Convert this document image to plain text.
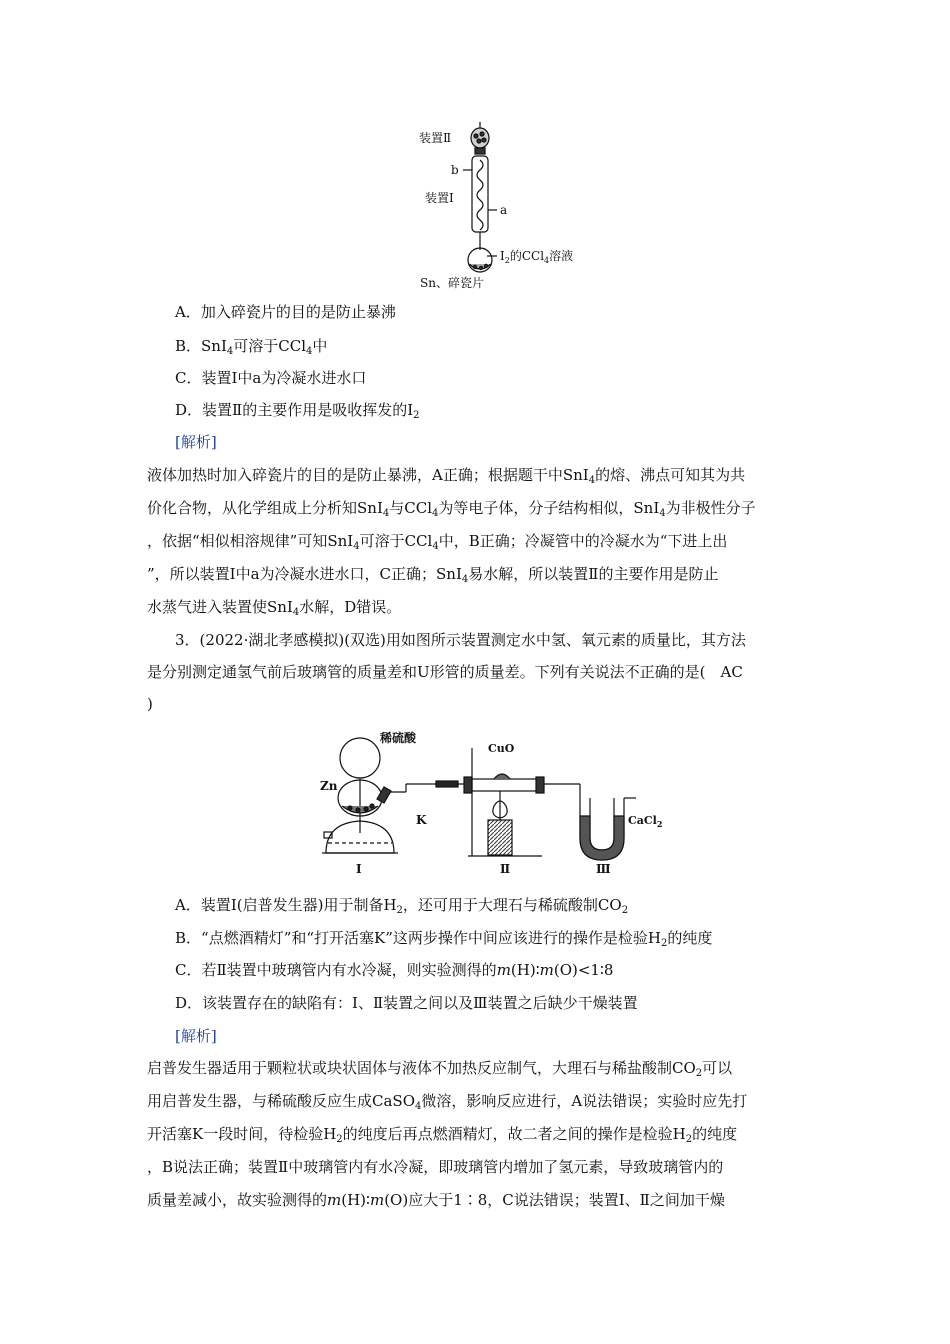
装置Ⅱ
b
装置Ⅰ
a
$I_2$的CCl$_4$溶液
Sn、碎瓷片
A．加入碎瓷片的目的是防止暴沸
B．SnI$_4$可溶于CCl$_4$中
C．装置Ⅰ中a为冷凝水进水口
D．装置Ⅱ的主要作用是吸收挥发的$I_2$
[解析]
液体加热时加入碎瓷片的目的是防止暴沸，A正确；根据题干中SnI$_4$的熔、沸点可知其为共
价化合物，从化学组成上分析知SnI$_4$与CCl$_4$为等电子体，分子结构相似，SnI$_4$为非极性分子
，依据“相似相溶规律”可知SnI$_4$可溶于CCl$_4$中，B正确；冷凝管中的冷凝水为“下进上出
”，所以装置Ⅰ中a为冷凝水进水口，C正确；SnI$_4$易水解，所以装置Ⅱ的主要作用是防止
水蒸气进入装置使SnI$_4$水解，D错误。
3．(2022·湖北孝感模拟)(双选)用如图所示装置测定水中氢、氧元素的质量比，其方法
是分别测定通氢气前后玻璃管的质量差和U形管的质量差。下列有关说法不正确的是(　AC
)
稀硫酸
CuO
Zn
K	CaCl$_2$
Ⅰ	Ⅱ	Ⅲ
A．装置Ⅰ(启普发生器)用于制备$H_2$，还可用于大理石与稀硫酸制$CO_2$
B．“点燃酒精灯”和“打开活塞K”这两步操作中间应该进行的操作是检验$H_2$的纯度
C．若Ⅱ装置中玻璃管内有水冷凝，则实验测得的m(H)∶m(O)<1∶8
D．该装置存在的缺陷有：Ⅰ、Ⅱ装置之间以及Ⅲ装置之后缺少干燥装置
[解析]
启普发生器适用于颗粒状或块状固体与液体不加热反应制气，大理石与稀盐酸制$CO_2$可以
用启普发生器，与稀硫酸反应生成CaSO$_4$微溶，影响反应进行，A说法错误；实验时应先打
开活塞K一段时间，待检验$H_2$的纯度后再点燃酒精灯，故二者之间的操作是检验$H_2$的纯度
，B说法正确；装置Ⅱ中玻璃管内有水冷凝，即玻璃管内增加了氢元素，导致玻璃管内的
质量差减小，故实验测得的m(H)∶m(O)应大于1∶8，C说法错误；装置Ⅰ、Ⅱ之间加干燥
